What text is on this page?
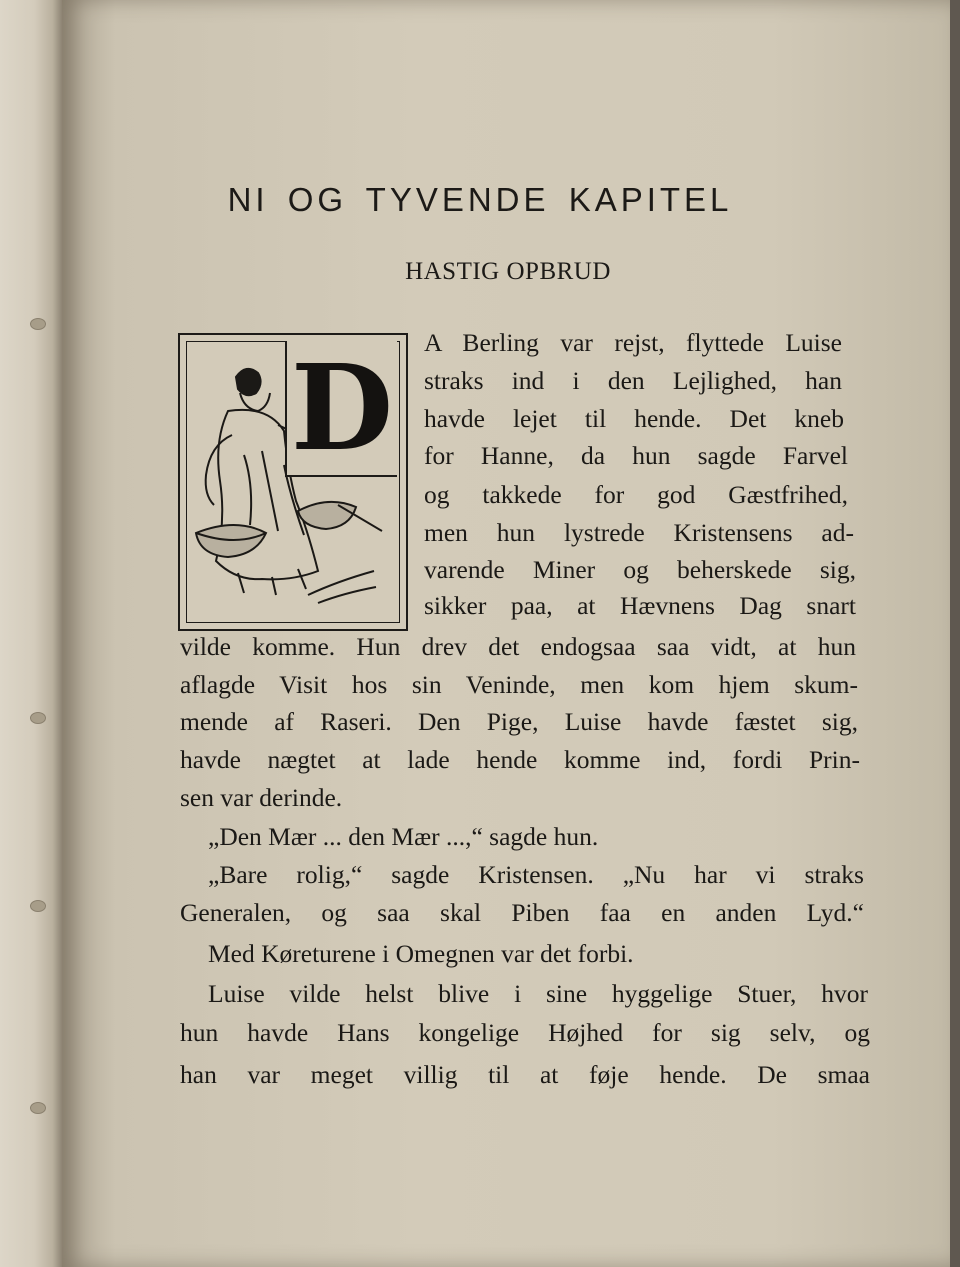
NI OG TYVENDE KAPITEL
HASTIG OPBRUD
D A Berling var rejst, flyttede Luise
straks ind i den Lejlighed, han
havde lejet til hende. Det kneb
for Hanne, da hun sagde Farvel
og takkede for god Gæstfrihed,
men hun lystrede Kristensens ad-
varende Miner og beherskede sig,
sikker paa, at Hævnens Dag snart
vilde komme. Hun drev det endogsaa saa vidt, at hun
aflagde Visit hos sin Veninde, men kom hjem skum-
mende af Raseri. Den Pige, Luise havde fæstet sig,
havde nægtet at lade hende komme ind, fordi Prin-
sen var derinde.
„Den Mær ... den Mær ...,“ sagde hun.
„Bare rolig,“ sagde Kristensen. „Nu har vi straks
Generalen, og saa skal Piben faa en anden Lyd.“
Med Køreturene i Omegnen var det forbi.
Luise vilde helst blive i sine hyggelige Stuer, hvor
hun havde Hans kongelige Højhed for sig selv, og
han var meget villig til at føje hende. De smaa
